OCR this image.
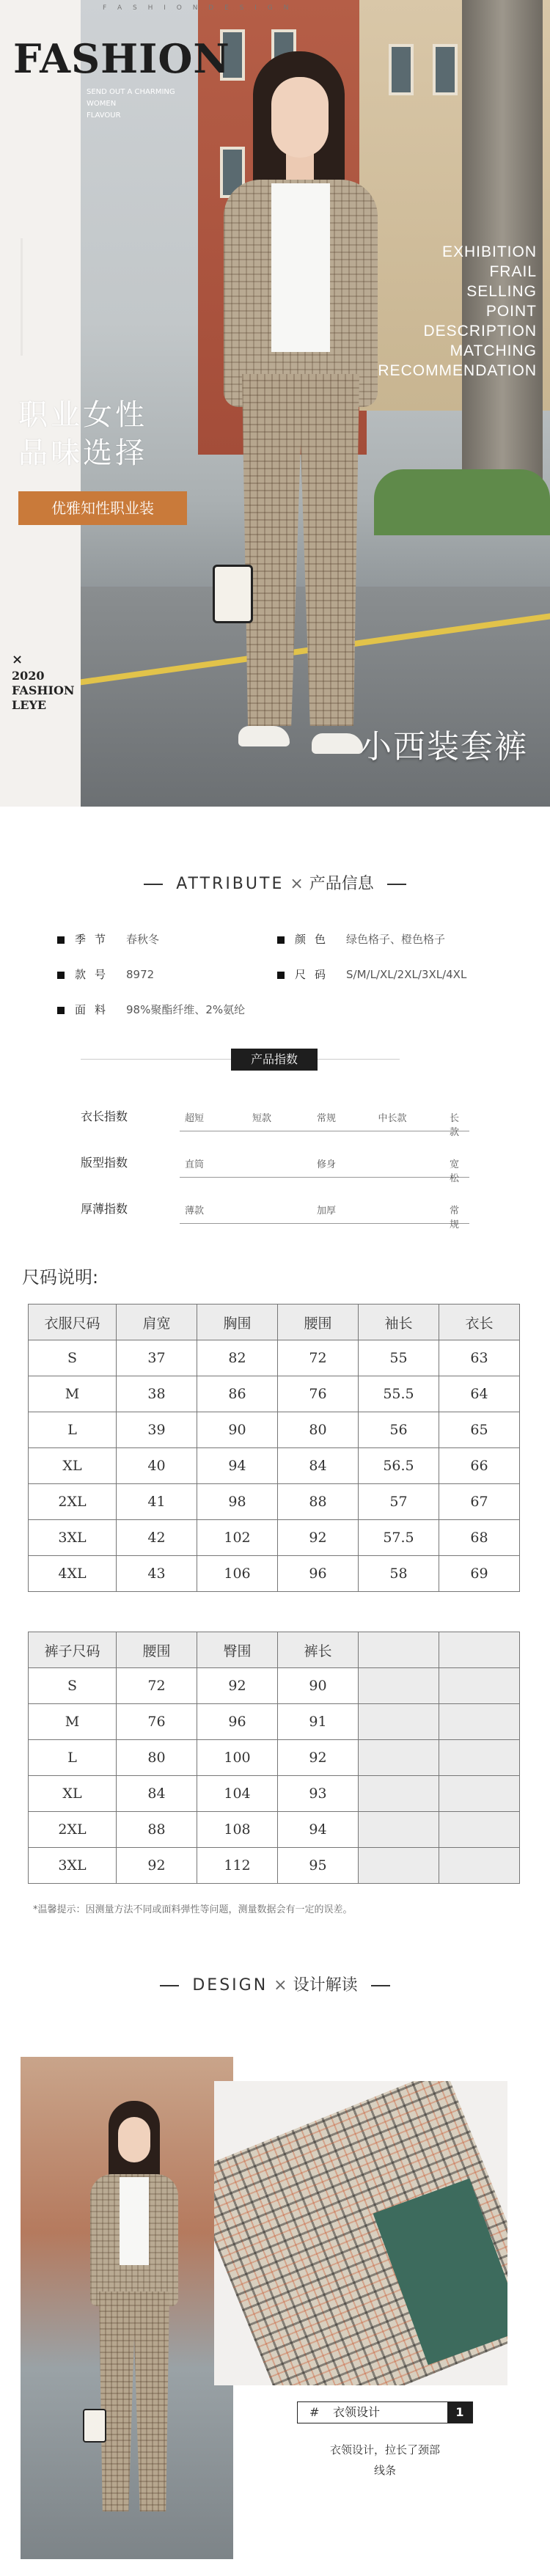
F A S H I O N D E S I G N
FASHION
SEND OUT A CHARMING
WOMEN
FLAVOUR
EXHIBITION
FRAIL
SELLING
POINT
DESCRIPTION
MATCHING
RECOMMENDATION
职业女性
品味选择
优雅知性职业装
×
2020
FASHION
LEYE
小西装套裤
ATTRIBUTE × 产品信息
季节 春秋冬	颜色 绿色格子、橙色格子
款号 8972	尺码 S/M/L/XL/2XL/3XL/4XL
面料 98%聚酯纤维、2%氨纶
产品指数
衣长指数	超短	短款	常规	中长款	长款
版型指数	直筒	修身	宽松
厚薄指数	薄款	加厚	常规
尺码说明:
衣服尺码	肩宽	胸围	腰围	袖长	衣长
S	37	82	72	55	63
M	38	86	76	55.5	64
L	39	90	80	56	65
XL	40	94	84	56.5	66
2XL	41	98	88	57	67
3XL	42	102	92	57.5	68
4XL	43	106	96	58	69
裤子尺码	腰围	臀围	裤长		
S	72	92	90		
M	76	96	91		
L	80	100	92		
XL	84	104	93		
2XL	88	108	94		
3XL	92	112	95		
*温馨提示：因测量方法不同或面料弹性等问题，测量数据会有一定的误差。
DESIGN × 设计解读
# 衣领设计	1
衣领设计，拉长了颈部
线条
